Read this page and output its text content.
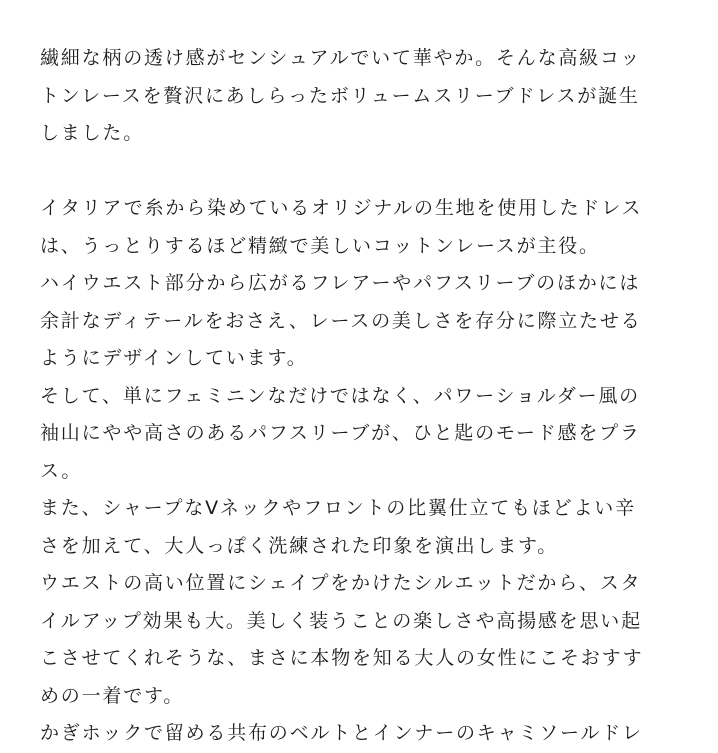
繊細な柄の透け感がセンシュアルでいて華やか。そんな高級コッ
トンレースを贅沢にあしらったボリュームスリーブドレスが誕生
しました。
イタリアで糸から染めているオリジナルの生地を使用したドレス
は、うっとりするほど精緻で美しいコットンレースが主役。
ハイウエスト部分から広がるフレアーやパフスリーブのほかには
余計なディテールをおさえ、レースの美しさを存分に際立たせる
ようにデザインしています。
そして、単にフェミニンなだけではなく、パワーショルダー風の
袖山にやや高さのあるパフスリーブが、ひと匙のモード感をプラ
ス。
また、シャープなVネックやフロントの比翼仕立てもほどよい辛
さを加えて、大人っぽく洗練された印象を演出します。
ウエストの高い位置にシェイプをかけたシルエットだから、スタ
イルアップ効果も大。美しく装うことの楽しさや高揚感を思い起
こさせてくれそうな、まさに本物を知る大人の女性にこそおすす
めの一着です。
かぎホックで留める共布のベルトとインナーのキャミソールドレ
